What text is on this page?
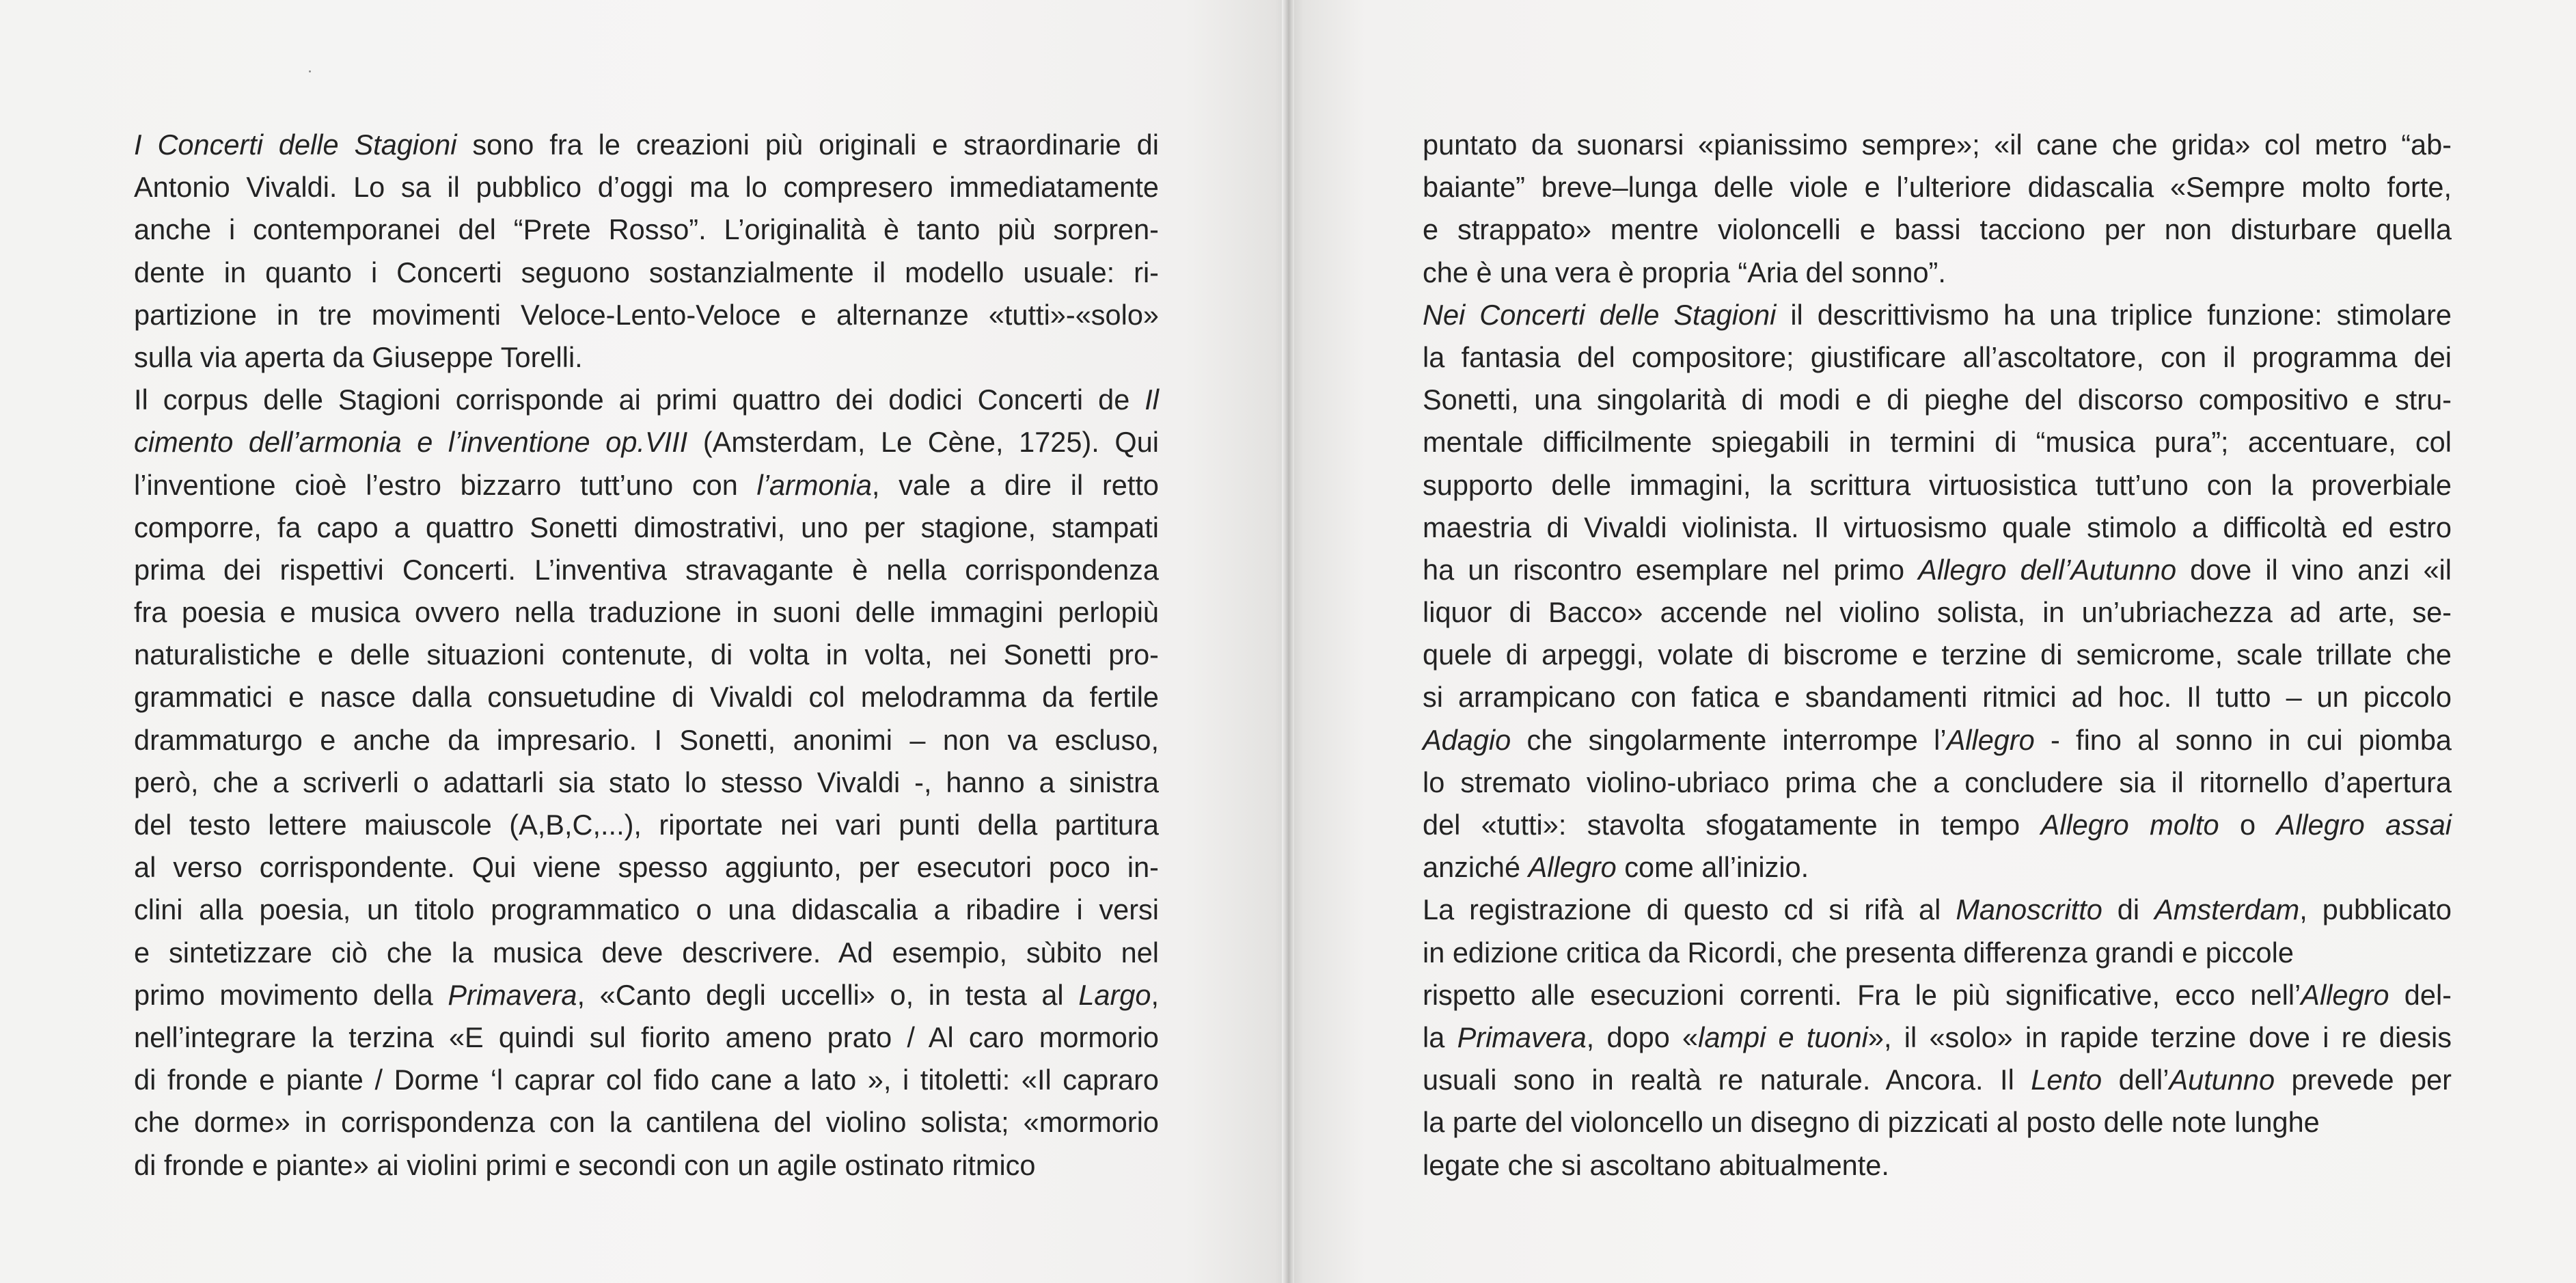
I Concerti delle Stagioni sono fra le creazioni più originali e straordinarie di
Antonio Vivaldi. Lo sa il pubblico d’oggi ma lo compresero immediatamente
anche i contemporanei del “Prete Rosso”. L’originalità è tanto più sorpren-
dente in quanto i Concerti seguono sostanzialmente il modello usuale: ri-
partizione in tre movimenti Veloce-Lento-Veloce e alternanze «tutti»-«solo»
sulla via aperta da Giuseppe Torelli.
Il corpus delle Stagioni corrisponde ai primi quattro dei dodici Concerti de Il
cimento dell’armonia e l’inventione op.VIII (Amsterdam, Le Cène, 1725). Qui
l’inventione cioè l’estro bizzarro tutt’uno con l’armonia, vale a dire il retto
comporre, fa capo a quattro Sonetti dimostrativi, uno per stagione, stampati
prima dei rispettivi Concerti. L’inventiva stravagante è nella corrispondenza
fra poesia e musica ovvero nella traduzione in suoni delle immagini perlopiù
naturalistiche e delle situazioni contenute, di volta in volta, nei Sonetti pro-
grammatici e nasce dalla consuetudine di Vivaldi col melodramma da fertile
drammaturgo e anche da impresario. I Sonetti, anonimi – non va escluso,
però, che a scriverli o adattarli sia stato lo stesso Vivaldi -, hanno a sinistra
del testo lettere maiuscole (A,B,C,...), riportate nei vari punti della partitura
al verso corrispondente. Qui viene spesso aggiunto, per esecutori poco in-
clini alla poesia, un titolo programmatico o una didascalia a ribadire i versi
e sintetizzare ciò che la musica deve descrivere. Ad esempio, sùbito nel
primo movimento della Primavera, «Canto degli uccelli» o, in testa al Largo,
nell’integrare la terzina «E quindi sul fiorito ameno prato / Al caro mormorio
di fronde e piante / Dorme ‘l caprar col fido cane a lato », i titoletti: «Il capraro
che dorme» in corrispondenza con la cantilena del violino solista; «mormorio
di fronde e piante» ai violini primi e secondi con un agile ostinato ritmico
puntato da suonarsi «pianissimo sempre»; «il cane che grida» col metro “ab-
baiante” breve–lunga delle viole e l’ulteriore didascalia «Sempre molto forte,
e strappato» mentre violoncelli e bassi tacciono per non disturbare quella
che è una vera è propria “Aria del sonno”.
Nei Concerti delle Stagioni il descrittivismo ha una triplice funzione: stimolare
la fantasia del compositore; giustificare all’ascoltatore, con il programma dei
Sonetti, una singolarità di modi e di pieghe del discorso compositivo e stru-
mentale difficilmente spiegabili in termini di “musica pura”; accentuare, col
supporto delle immagini, la scrittura virtuosistica tutt’uno con la proverbiale
maestria di Vivaldi violinista. Il virtuosismo quale stimolo a difficoltà ed estro
ha un riscontro esemplare nel primo Allegro dell’Autunno dove il vino anzi «il
liquor di Bacco» accende nel violino solista, in un’ubriachezza ad arte, se-
quele di arpeggi, volate di biscrome e terzine di semicrome, scale trillate che
si arrampicano con fatica e sbandamenti ritmici ad hoc. Il tutto – un piccolo
Adagio che singolarmente interrompe l’Allegro - fino al sonno in cui piomba
lo stremato violino-ubriaco prima che a concludere sia il ritornello d’apertura
del «tutti»: stavolta sfogatamente in tempo Allegro molto o Allegro assai
anziché Allegro come all’inizio.
La registrazione di questo cd si rifà al Manoscritto di Amsterdam, pubblicato
in edizione critica da Ricordi, che presenta differenza grandi e piccole
rispetto alle esecuzioni correnti. Fra le più significative, ecco nell’Allegro del-
la Primavera, dopo «lampi e tuoni», il «solo» in rapide terzine dove i re diesis
usuali sono in realtà re naturale. Ancora. Il Lento dell’Autunno prevede per
la parte del violoncello un disegno di pizzicati al posto delle note lunghe
legate che si ascoltano abitualmente.
